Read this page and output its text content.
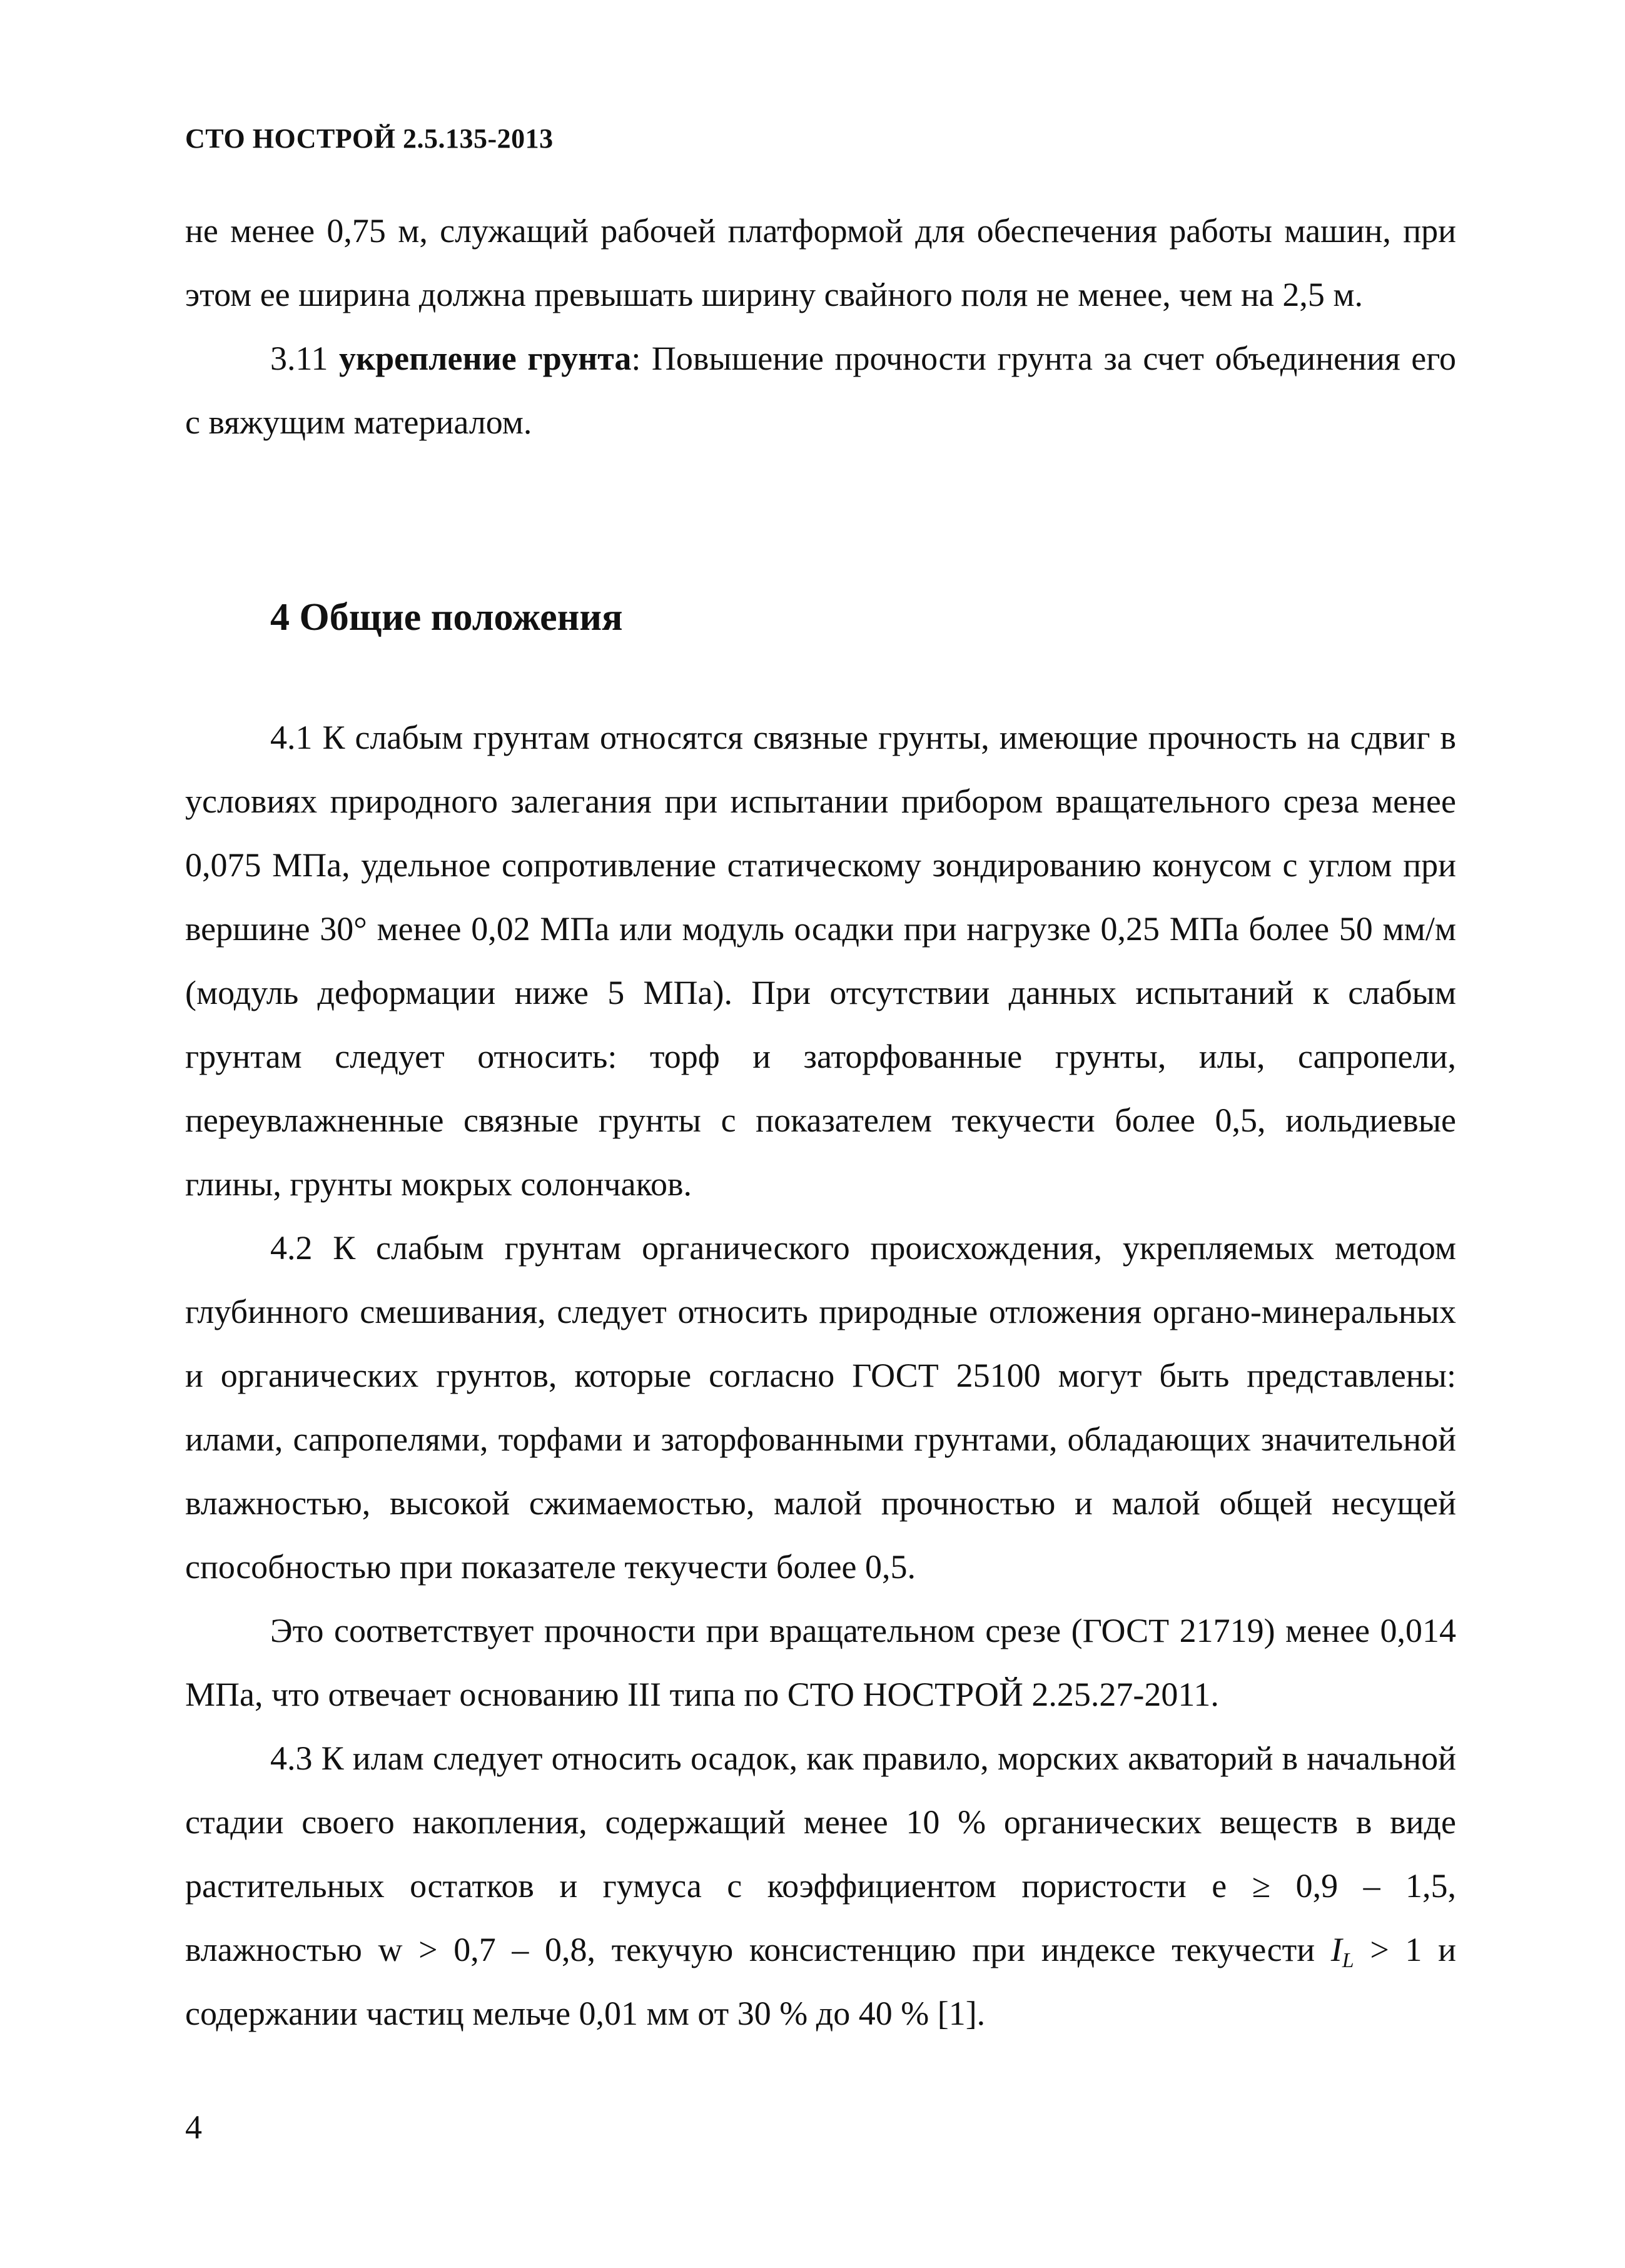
СТО НОСТРОЙ 2.5.135-2013

не менее 0,75 м, служащий рабочей платформой для обеспечения работы машин, при этом ее ширина должна превышать ширину свайного поля не менее, чем на 2,5 м.

3.11 укрепление грунта: Повышение прочности грунта за счет объединения его с вяжущим материалом.

4 Общие положения

4.1 К слабым грунтам относятся связные грунты, имеющие прочность на сдвиг в условиях природного залегания при испытании прибором вращательного среза менее 0,075 МПа, удельное сопротивление статическому зондированию конусом с углом при вершине 30° менее 0,02 МПа или модуль осадки при нагрузке 0,25 МПа более 50 мм/м (модуль деформации ниже 5 МПа). При отсутствии данных испытаний к слабым грунтам следует относить: торф и заторфованные грунты, илы, сапропели, переувлажненные связные грунты с показателем текучести более 0,5, иольдиевые глины, грунты мокрых солончаков.

4.2 К слабым грунтам органического происхождения, укрепляемых методом глубинного смешивания, следует относить природные отложения органо-минеральных и органических грунтов, которые согласно ГОСТ 25100 могут быть представлены: илами, сапропелями, торфами и заторфованными грунтами, обладающих значительной влажностью, высокой сжимаемостью, малой прочностью и малой общей несущей способностью при показателе текучести более 0,5.

Это соответствует прочности при вращательном срезе (ГОСТ 21719) менее 0,014 МПа, что отвечает основанию III типа по СТО НОСТРОЙ 2.25.27-2011.

4.3 К илам следует относить осадок, как правило, морских акваторий в начальной стадии своего накопления, содержащий менее 10 % органических веществ в виде растительных остатков и гумуса с коэффициентом пористости e ≥ 0,9 – 1,5, влажностью w > 0,7 – 0,8, текучую консистенцию при индексе текучести $I_L > 1$ и содержании частиц мельче 0,01 мм от 30 % до 40 % [1].

4
